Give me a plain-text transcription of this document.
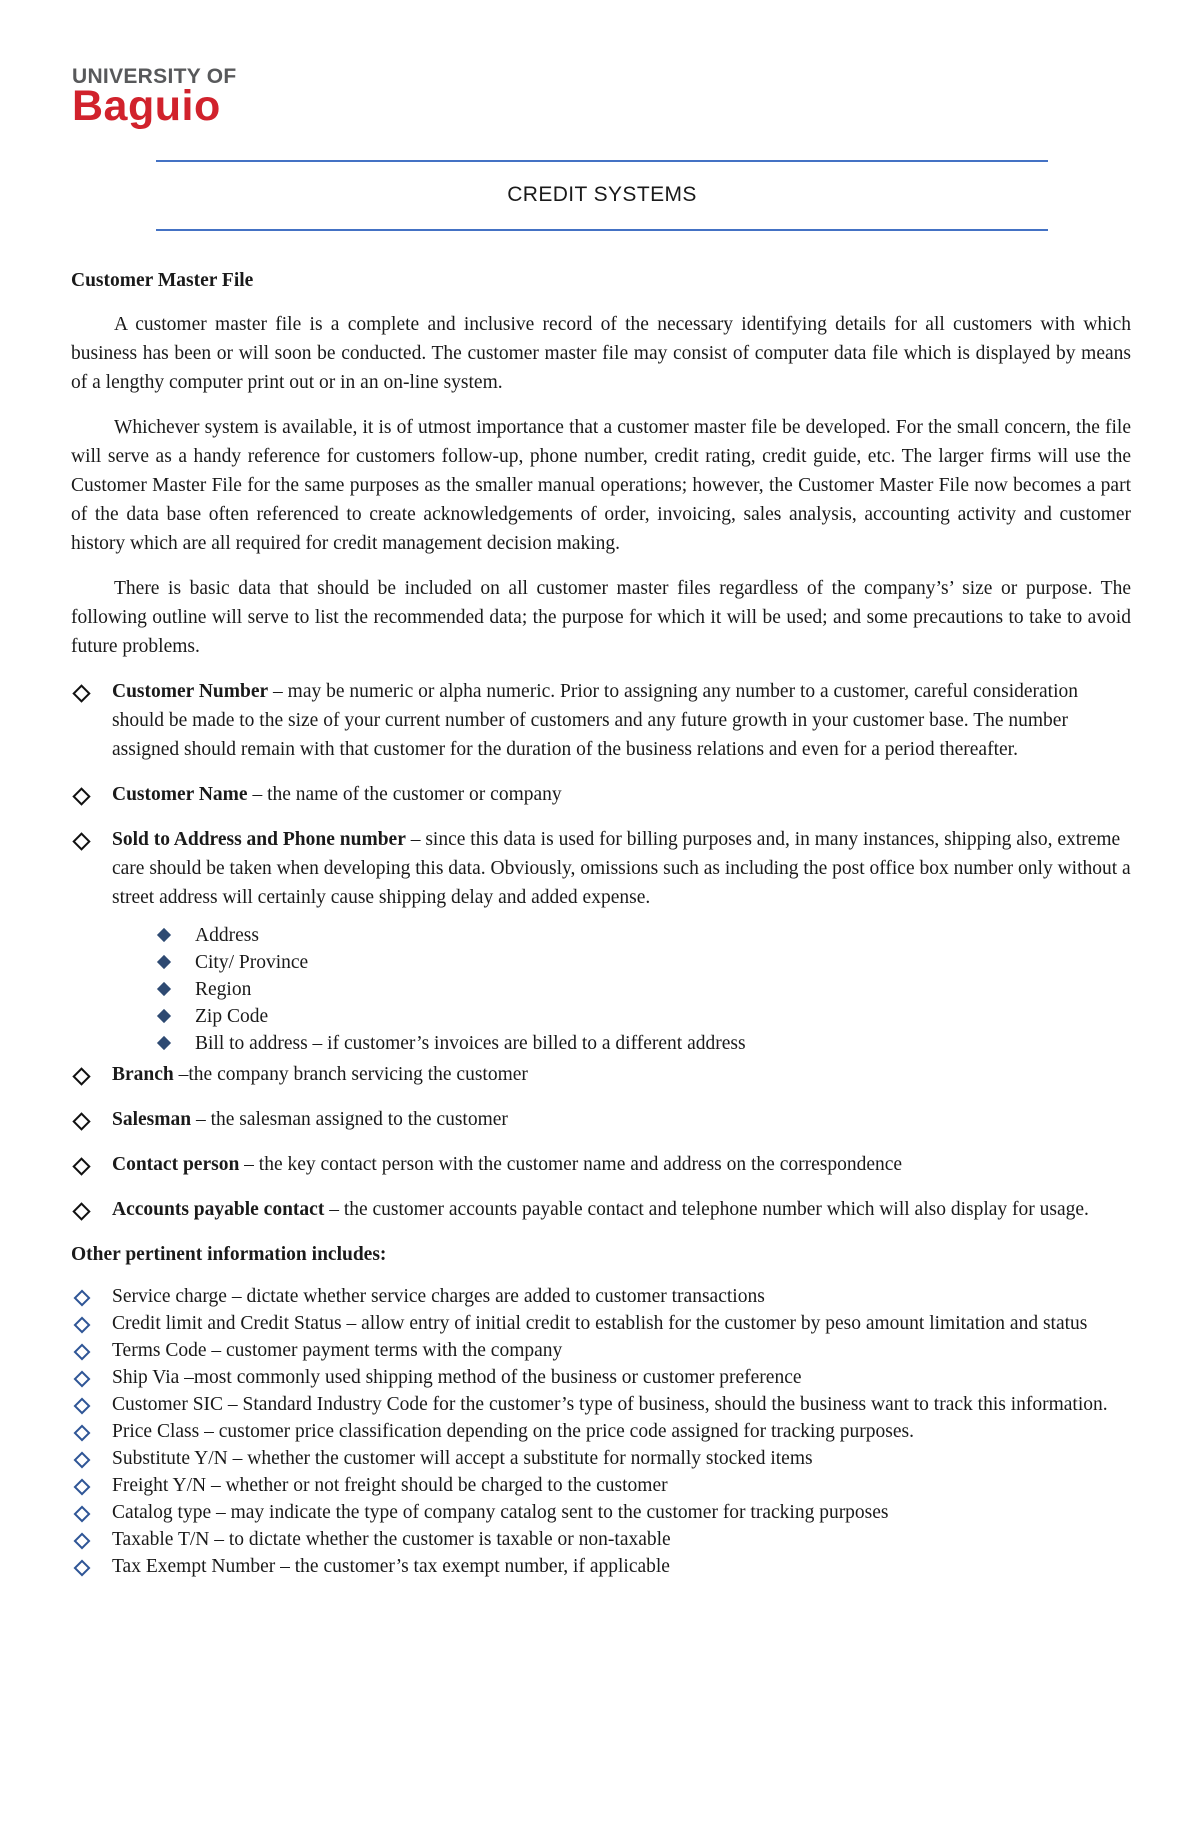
UNIVERSITY OF
Baguio
CREDIT SYSTEMS
Customer Master File

A customer master file is a complete and inclusive record of the necessary identifying details for all customers with which business has been or will soon be conducted. The customer master file may consist of computer data file which is displayed by means of a lengthy computer print out or in an on-line system.

Whichever system is available, it is of utmost importance that a customer master file be developed. For the small concern, the file will serve as a handy reference for customers follow-up, phone number, credit rating, credit guide, etc. The larger firms will use the Customer Master File for the same purposes as the smaller manual operations; however, the Customer Master File now becomes a part of the data base often referenced to create acknowledgements of order, invoicing, sales analysis, accounting activity and customer history which are all required for credit management decision making.

There is basic data that should be included on all customer master files regardless of the company’s’ size or purpose. The following outline will serve to list the recommended data; the purpose for which it will be used; and some precautions to take to avoid future problems.

Customer Number – may be numeric or alpha numeric. Prior to assigning any number to a customer, careful consideration should be made to the size of your current number of customers and any future growth in your customer base. The number assigned should remain with that customer for the duration of the business relations and even for a period thereafter.
Customer Name – the name of the customer or company
Sold to Address and Phone number – since this data is used for billing purposes and, in many instances, shipping also, extreme care should be taken when developing this data. Obviously, omissions such as including the post office box number only without a street address will certainly cause shipping delay and added expense.
Address
City/ Province
Region
Zip Code
Bill to address – if customer’s invoices are billed to a different address
Branch –the company branch servicing the customer
Salesman – the salesman assigned to the customer
Contact person – the key contact person with the customer name and address on the correspondence
Accounts payable contact – the customer accounts payable contact and telephone number which will also display for usage.
Other pertinent information includes:
Service charge – dictate whether service charges are added to customer transactions
Credit limit and Credit Status – allow entry of initial credit to establish for the customer by peso amount limitation and status
Terms Code – customer payment terms with the company
Ship Via –most commonly used shipping method of the business or customer preference
Customer SIC – Standard Industry Code for the customer’s type of business, should the business want to track this information.
Price Class – customer price classification depending on the price code assigned for tracking purposes.
Substitute Y/N – whether the customer will accept a substitute for normally stocked items
Freight Y/N – whether or not freight should be charged to the customer
Catalog type – may indicate the type of company catalog sent to the customer for tracking purposes
Taxable T/N – to dictate whether the customer is taxable or non-taxable
Tax Exempt Number – the customer’s tax exempt number, if applicable
